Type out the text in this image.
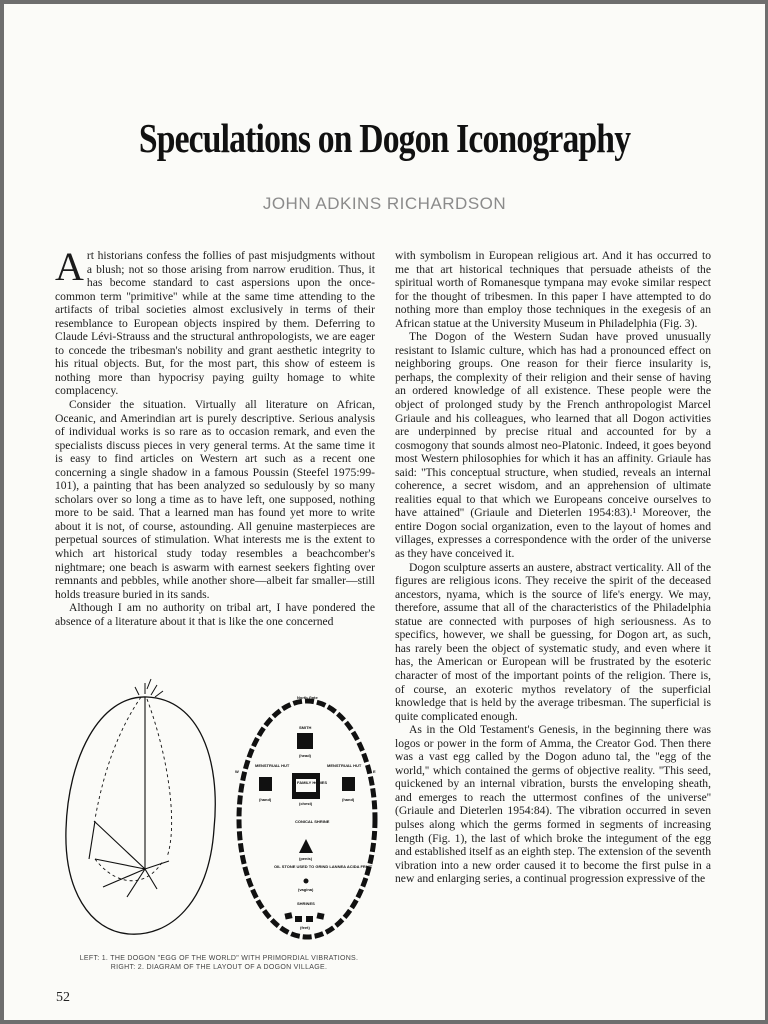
Speculations on Dogon Iconography
JOHN ADKINS RICHARDSON

Art historians confess the follies of past misjudgments without a blush; not so those arising from narrow erudition. Thus, it has become standard to cast aspersions upon the once-common term ''primitive'' while at the same time attending to the artifacts of tribal societies almost exclusively in terms of their resemblance to European objects inspired by them. Deferring to Claude Lévi-Strauss and the structural anthropologists, we are eager to concede the tribesman's nobility and grant aesthetic integrity to his ritual objects. But, for the most part, this show of esteem is nothing more than hypocrisy paying guilty homage to white complacency.

Consider the situation. Virtually all literature on African, Oceanic, and Amerindian art is purely descriptive. Serious analysis of individual works is so rare as to occasion remark, and even the specialists discuss pieces in very general terms. At the same time it is easy to find articles on Western art such as a recent one concerning a single shadow in a famous Poussin (Steefel 1975:99-101), a painting that has been analyzed so sedulously by so many scholars over so long a time as to have left, one supposed, nothing more to be said. That a learned man has found yet more to write about it is not, of course, astounding. All genuine masterpieces are perpetual sources of stimulation. What interests me is the extent to which art historical study today resembles a beachcomber's nightmare; one beach is aswarm with earnest seekers fighting over remnants and pebbles, while another shore—albeit far smaller—still holds treasure buried in its sands.

Although I am no authority on tribal art, I have pondered the absence of a literature about it that is like the one concerned

with symbolism in European religious art. And it has occurred to me that art historical techniques that persuade atheists of the spiritual worth of Romanesque tympana may evoke similar respect for the thought of tribesmen. In this paper I have attempted to do nothing more than employ those techniques in the exegesis of an African statue at the University Museum in Philadelphia (Fig. 3).

The Dogon of the Western Sudan have proved unusually resistant to Islamic culture, which has had a pronounced effect on neighboring groups. One reason for their fierce insularity is, perhaps, the complexity of their religion and their sense of having an ordered knowledge of all existence. These people were the object of prolonged study by the French anthropologist Marcel Griaule and his colleagues, who learned that all Dogon activities are underpinned by precise ritual and accounted for by a cosmogony that sounds almost neo-Platonic. Indeed, it goes beyond most Western philosophies for which it has an affinity. Griaule has said: ''This conceptual structure, when studied, reveals an internal coherence, a secret wisdom, and an apprehension of ultimate realities equal to that which we Europeans conceive ourselves to have attained'' (Griaule and Dieterlen 1954:83).¹ Moreover, the entire Dogon social organization, even to the layout of homes and villages, expresses a correspondence with the order of the universe as they have conceived it.

Dogon sculpture asserts an austere, abstract verticality. All of the figures are religious icons. They receive the spirit of the deceased ancestors, nyama, which is the source of life's energy. We may, therefore, assume that all of the characteristics of the Philadelphia statue are connected with purposes of high seriousness. As to specifics, however, we shall be guessing, for Dogon art, as such, has rarely been the object of systematic study, and even where it has, the American or European will be frustrated by the esoteric character of most of the important points of the religion. There is, of course, an exoteric mythos revelatory of the superficial knowledge that is held by the average tribesman. The superficial is quite complicated enough.

As in the Old Testament's Genesis, in the beginning there was logos or power in the form of Amma, the Creator God. Then there was a vast egg called by the Dogon aduno tal, the ''egg of the world,'' which contained the germs of objective reality. ''This seed, quickened by an internal vibration, bursts the enveloping sheath, and emerges to reach the uttermost confines of the universe'' (Griaule and Dieterlen 1954:84). The vibration occurred in seven pulses along which the germs formed in segments of increasing length (Fig. 1), the last of which broke the integument of the egg and established itself as an eighth step. The extension of the seventh vibration into a new order caused it to become the first pulse in a new and enlarging series, a continual progression expressive of the

North Gate
W	E
SMITH
(head)
MENSTRUAL HUT	MENSTRUAL HUT
FAMILY HOMES
(hand)	(hand)
(chest)
CONICAL SHRINE
(penis)
OIL STONE USED TO GRIND LANNEA ACIDA FRUIT
(vagina)
SHRINES
(feet)
LEFT: 1. THE DOGON "EGG OF THE WORLD" WITH PRIMORDIAL VIBRATIONS.
RIGHT: 2. DIAGRAM OF THE LAYOUT OF A DOGON VILLAGE.
52
